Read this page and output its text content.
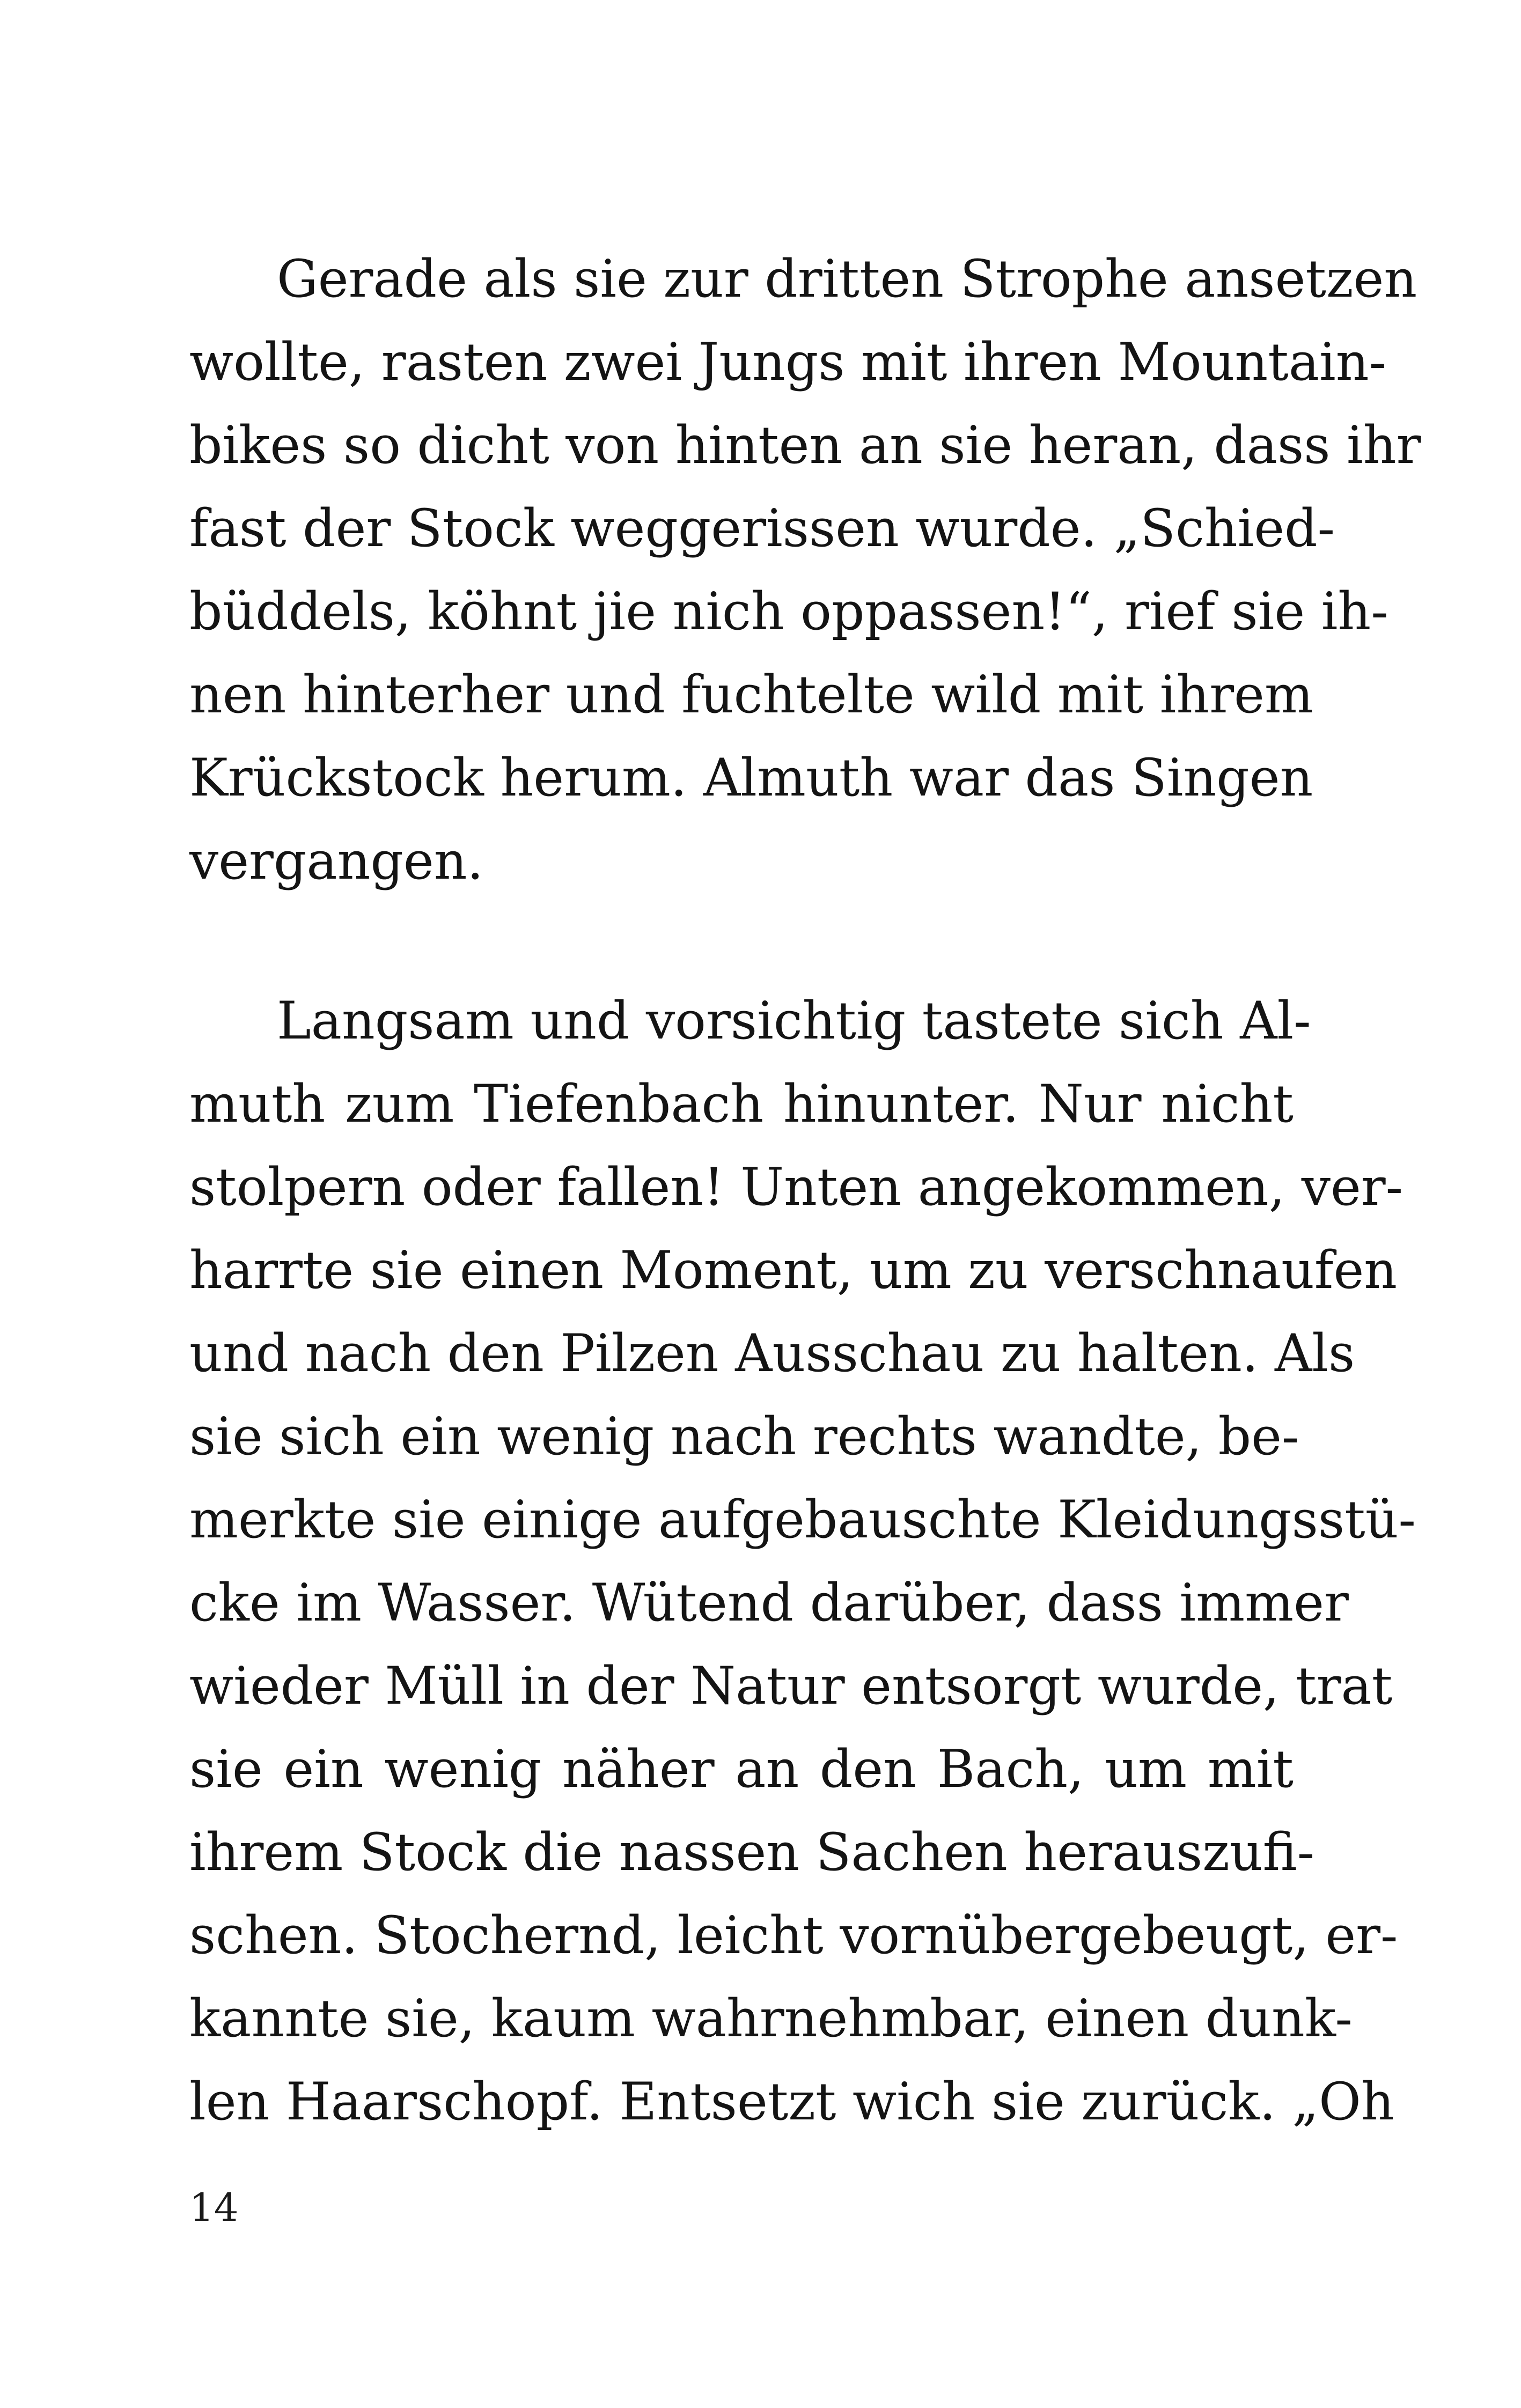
Gerade als sie zur dritten Strophe ansetzen
wollte, rasten zwei Jungs mit ihren Mountain-
bikes so dicht von hinten an sie heran, dass ihr
fast der Stock weggerissen wurde. „Schied-
büddels, köhnt jie nich oppassen!“, rief sie ih-
nen hinterher und fuchtelte wild mit ihrem
Krückstock herum. Almuth war das Singen
vergangen.
Langsam und vorsichtig tastete sich Al-
muth zum Tiefenbach hinunter. Nur nicht
stolpern oder fallen! Unten angekommen, ver-
harrte sie einen Moment, um zu verschnaufen
und nach den Pilzen Ausschau zu halten. Als
sie sich ein wenig nach rechts wandte, be-
merkte sie einige aufgebauschte Kleidungsstü-
cke im Wasser. Wütend darüber, dass immer
wieder Müll in der Natur entsorgt wurde, trat
sie ein wenig näher an den Bach, um mit
ihrem Stock die nassen Sachen herauszufi-
schen. Stochernd, leicht vornübergebeugt, er-
kannte sie, kaum wahrnehmbar, einen dunk-
len Haarschopf. Entsetzt wich sie zurück. „Oh
14
